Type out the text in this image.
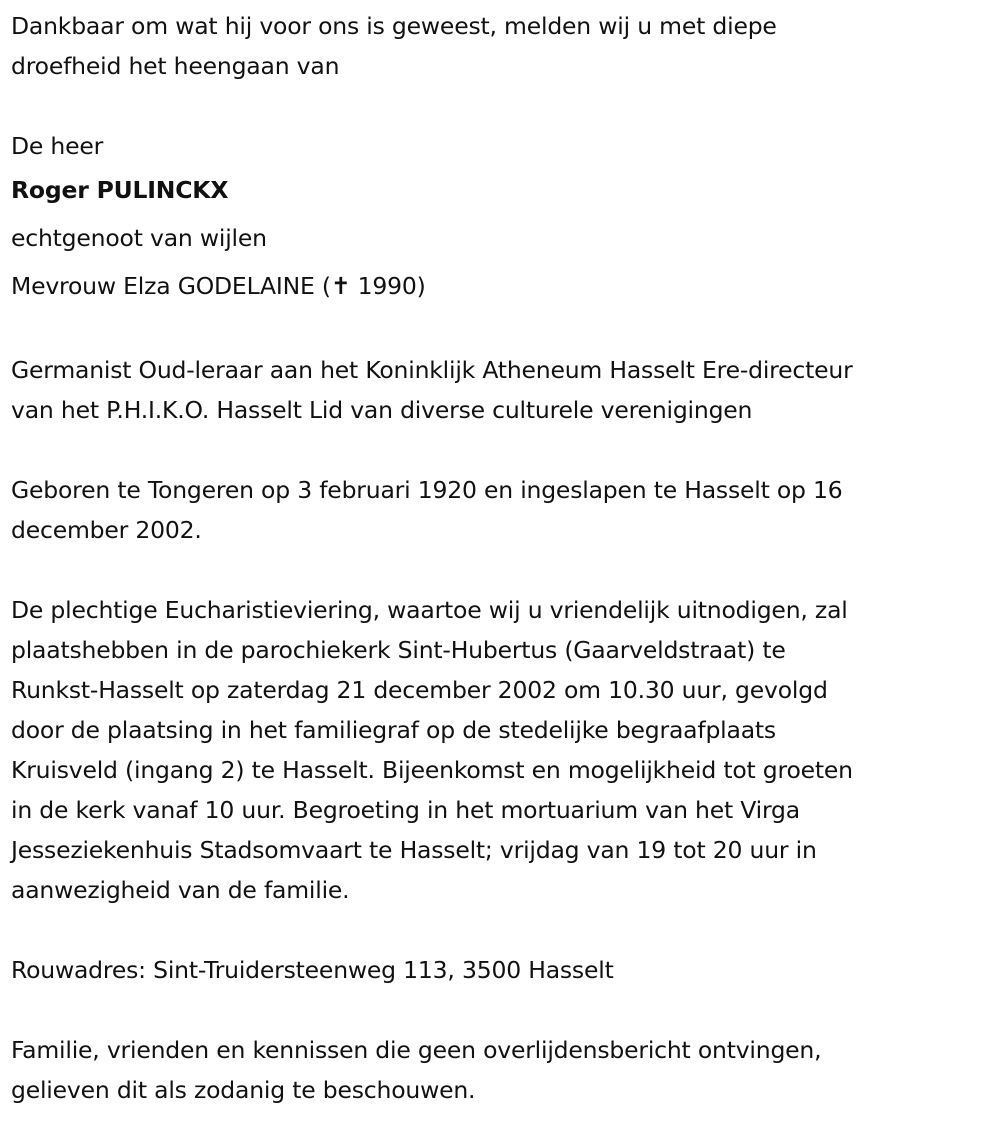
Dankbaar om wat hij voor ons is geweest, melden wij u met diepe
droefheid het heengaan van
De heer
Roger PULINCKX
echtgenoot van wijlen
Mevrouw Elza GODELAINE (✝ 1990)
Germanist Oud-leraar aan het Koninklijk Atheneum Hasselt Ere-directeur
van het P.H.I.K.O. Hasselt Lid van diverse culturele verenigingen
Geboren te Tongeren op 3 februari 1920 en ingeslapen te Hasselt op 16
december 2002.
De plechtige Eucharistieviering, waartoe wij u vriendelijk uitnodigen, zal
plaatshebben in de parochiekerk Sint-Hubertus (Gaarveldstraat) te
Runkst-Hasselt op zaterdag 21 december 2002 om 10.30 uur, gevolgd
door de plaatsing in het familiegraf op de stedelijke begraafplaats
Kruisveld (ingang 2) te Hasselt. Bijeenkomst en mogelijkheid tot groeten
in de kerk vanaf 10 uur. Begroeting in het mortuarium van het Virga
Jesseziekenhuis Stadsomvaart te Hasselt; vrijdag van 19 tot 20 uur in
aanwezigheid van de familie.
Rouwadres: Sint-Truidersteenweg 113, 3500 Hasselt
Familie, vrienden en kennissen die geen overlijdensbericht ontvingen,
gelieven dit als zodanig te beschouwen.
